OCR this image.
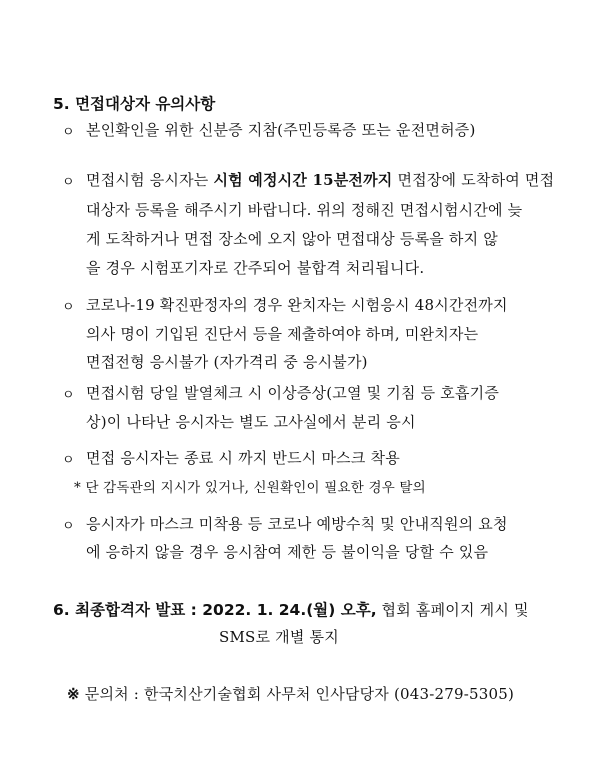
5. 면접대상자 유의사항
ㅇ 본인확인을 위한 신분증 지참(주민등록증 또는 운전면허증)
ㅇ 면접시험 응시자는 시험 예정시간 15분전까지 면접장에 도착하여 면접
대상자 등록을 해주시기 바랍니다. 위의 정해진 면접시험시간에 늦
게 도착하거나 면접 장소에 오지 않아 면접대상 등록을 하지 않
을 경우 시험포기자로 간주되어 불합격 처리됩니다.
ㅇ 코로나-19 확진판정자의 경우 완치자는 시험응시 48시간전까지
의사 명이 기입된 진단서 등을 제출하여야 하며, 미완치자는
면접전형 응시불가 (자가격리 중 응시불가)
ㅇ 면접시험 당일 발열체크 시 이상증상(고열 및 기침 등 호흡기증
상)이 나타난 응시자는 별도 고사실에서 분리 응시
ㅇ 면접 응시자는 종료 시 까지 반드시 마스크 착용
* 단 감독관의 지시가 있거나, 신원확인이 필요한 경우 탈의
ㅇ 응시자가 마스크 미착용 등 코로나 예방수칙 및 안내직원의 요청
에 응하지 않을 경우 응시참여 제한 등 불이익을 당할 수 있음
6. 최종합격자 발표 : 2022. 1. 24.(월) 오후, 협회 홈페이지 게시 및
SMS로 개별 통지
※ 문의처 : 한국치산기술협회 사무처 인사담당자 (043-279-5305)
